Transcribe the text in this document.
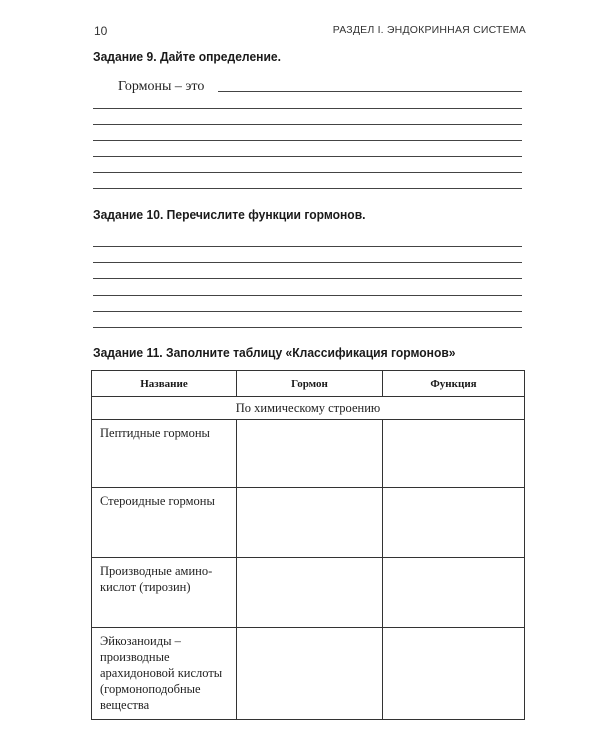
10	РАЗДЕЛ I. ЭНДОКРИННАЯ СИСТЕМА
Задание 9. Дайте определение.
Гормоны – это
Задание 10. Перечислите функции гормонов.
Задание 11. Заполните таблицу «Классификация гормонов»
Название	Гормон	Функция
По химическому строению		

Пептидные гормоны		

Стероидные гормоны		

Производные амино-
кислот (тирозин)		

Эйкозаноиды –
производные
арахидоновой кислоты
(гормоноподобные
вещества		
